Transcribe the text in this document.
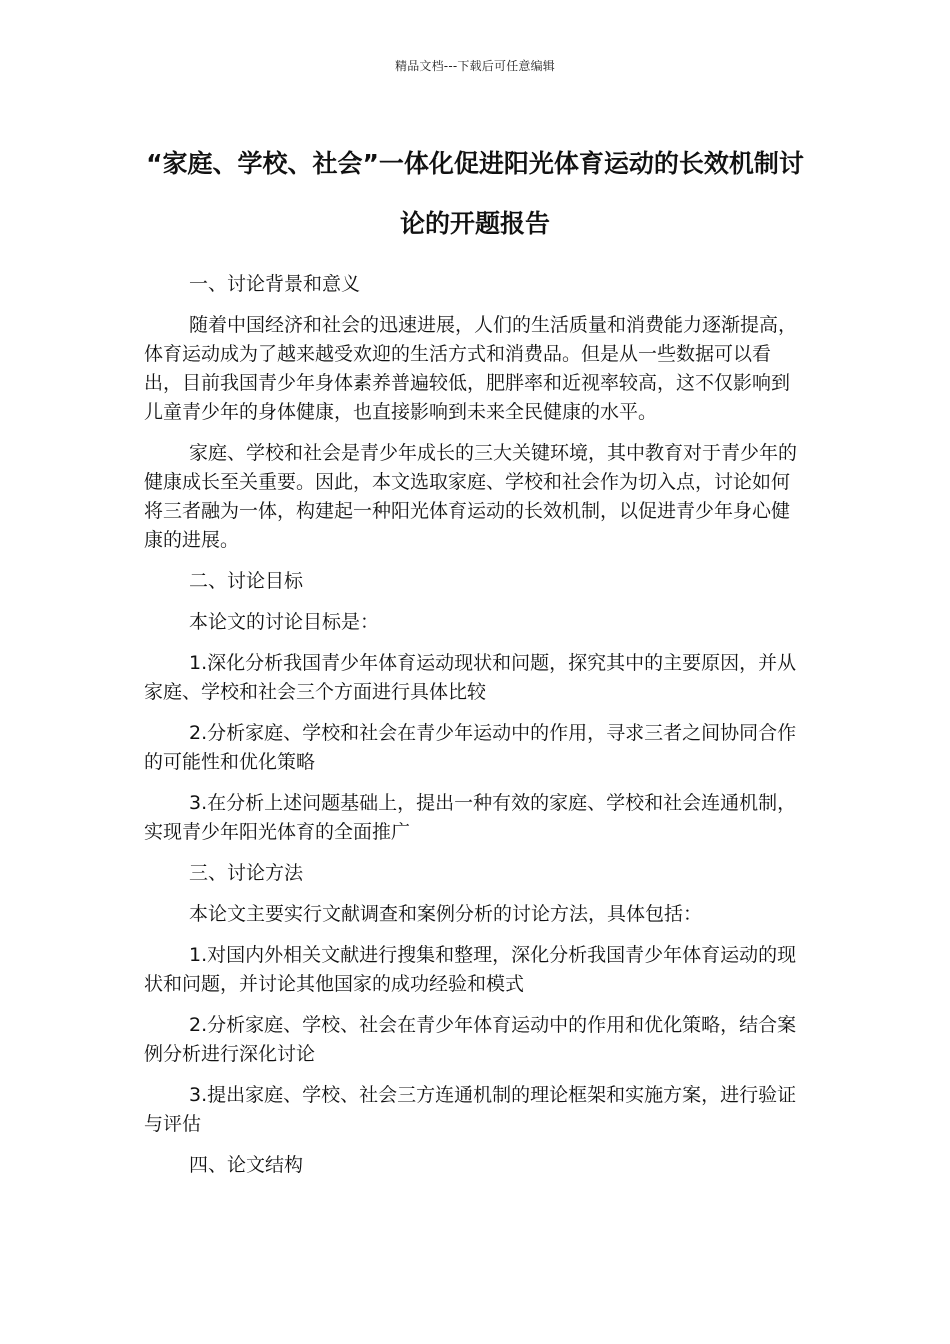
精品文档---下载后可任意编辑
“家庭、学校、社会”一体化促进阳光体育运动的长效机制讨论的开题报告

一、讨论背景和意义

随着中国经济和社会的迅速进展，人们的生活质量和消费能力逐渐提高，体育运动成为了越来越受欢迎的生活方式和消费品。但是从一些数据可以看出，目前我国青少年身体素养普遍较低，肥胖率和近视率较高，这不仅影响到儿童青少年的身体健康，也直接影响到未来全民健康的水平。

家庭、学校和社会是青少年成长的三大关键环境，其中教育对于青少年的健康成长至关重要。因此，本文选取家庭、学校和社会作为切入点，讨论如何将三者融为一体，构建起一种阳光体育运动的长效机制，以促进青少年身心健康的进展。

二、讨论目标

本论文的讨论目标是：

1.深化分析我国青少年体育运动现状和问题，探究其中的主要原因，并从家庭、学校和社会三个方面进行具体比较

2.分析家庭、学校和社会在青少年运动中的作用，寻求三者之间协同合作的可能性和优化策略

3.在分析上述问题基础上，提出一种有效的家庭、学校和社会连通机制，实现青少年阳光体育的全面推广

三、讨论方法

本论文主要实行文献调查和案例分析的讨论方法，具体包括：

1.对国内外相关文献进行搜集和整理，深化分析我国青少年体育运动的现状和问题，并讨论其他国家的成功经验和模式

2.分析家庭、学校、社会在青少年体育运动中的作用和优化策略，结合案例分析进行深化讨论

3.提出家庭、学校、社会三方连通机制的理论框架和实施方案，进行验证与评估

四、论文结构
